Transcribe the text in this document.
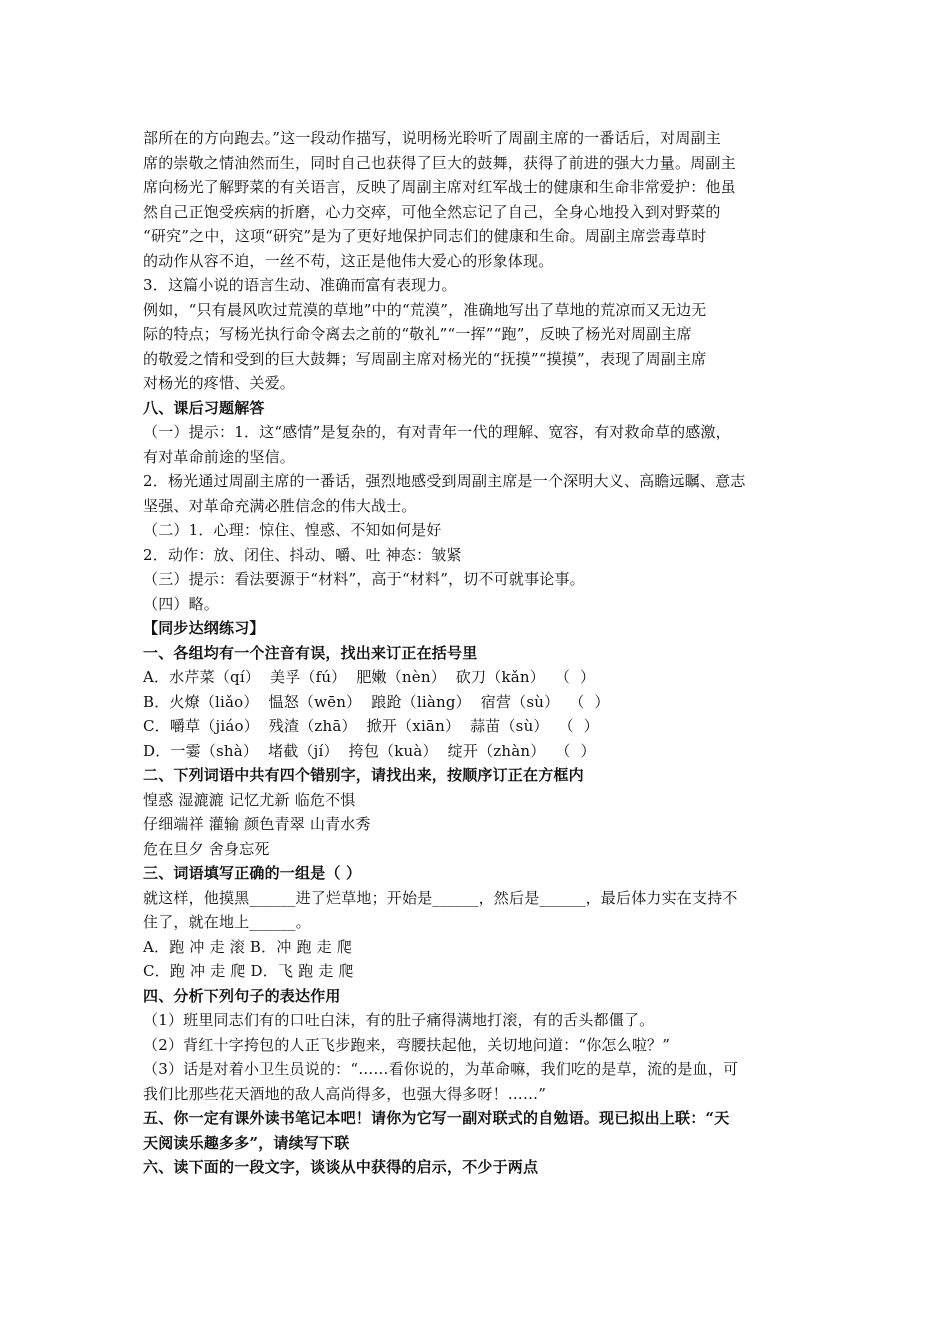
部所在的方向跑去。”这一段动作描写，说明杨光聆听了周副主席的一番话后，对周副主
席的崇敬之情油然而生，同时自己也获得了巨大的鼓舞，获得了前进的强大力量。周副主
席向杨光了解野菜的有关语言，反映了周副主席对红军战士的健康和生命非常爱护：他虽
然自己正饱受疾病的折磨，心力交瘁，可他全然忘记了自己，全身心地投入到对野菜的
“研究”之中，这项“研究”是为了更好地保护同志们的健康和生命。周副主席尝毒草时
的动作从容不迫，一丝不苟，这正是他伟大爱心的形象体现。
3．这篇小说的语言生动、准确而富有表现力。
例如，“只有晨风吹过荒漠的草地”中的“荒漠”，准确地写出了草地的荒凉而又无边无
际的特点；写杨光执行命令离去之前的“敬礼”“一挥”“跑”，反映了杨光对周副主席
的敬爱之情和受到的巨大鼓舞；写周副主席对杨光的“抚摸”“摸摸”，表现了周副主席
对杨光的疼惜、关爱。
八、课后习题解答
（一）提示：1．这“感情”是复杂的，有对青年一代的理解、宽容，有对救命草的感激，
有对革命前途的坚信。
2．杨光通过周副主席的一番话，强烈地感受到周副主席是一个深明大义、高瞻远瞩、意志
坚强、对革命充满必胜信念的伟大战士。
（二）1．心理：惊住、惶惑、不知如何是好
2．动作：放、闭住、抖动、嚼、吐 神态：皱紧
（三）提示：看法要源于“材料”，高于“材料”，切不可就事论事。
（四）略。
【同步达纲练习】
一、各组均有一个注音有误，找出来订正在括号里
A．水芹菜（qí）  美孚（fú）  肥嫩（nèn）  砍刀（kǎn）  （  ）
B．火燎（liǎo）  愠怒（wēn）  踉跄（liàng）  宿营（sù）  （  ）
C．嚼草（jiáo）  残渣（zhā）  掀开（xiān）  蒜苗（sù）  （  ）
D．一霎（shà）  堵截（jí）  挎包（kuà）  绽开（zhàn）  （  ）
二、下列词语中共有四个错别字，请找出来，按顺序订正在方框内
惶惑 湿漉漉 记忆尤新 临危不惧
仔细端祥 灌输 颜色青翠 山青水秀
危在旦夕 舍身忘死
三、词语填写正确的一组是（ ）
就这样，他摸黑______进了烂草地；开始是______，然后是______，最后体力实在支持不
住了，就在地上______。
A．跑 冲 走 滚 B．冲 跑 走 爬
C．跑 冲 走 爬 D．飞 跑 走 爬
四、分析下列句子的表达作用
（1）班里同志们有的口吐白沫，有的肚子痛得满地打滚，有的舌头都僵了。
（2）背红十字挎包的人正飞步跑来，弯腰扶起他，关切地问道：“你怎么啦？”
（3）话是对着小卫生员说的：“……看你说的，为革命嘛，我们吃的是草，流的是血，可
我们比那些花天酒地的敌人高尚得多，也强大得多呀！……”
五、你一定有课外读书笔记本吧！请你为它写一副对联式的自勉语。现已拟出上联：“天
天阅读乐趣多多”，请续写下联
六、读下面的一段文字，谈谈从中获得的启示，不少于两点
